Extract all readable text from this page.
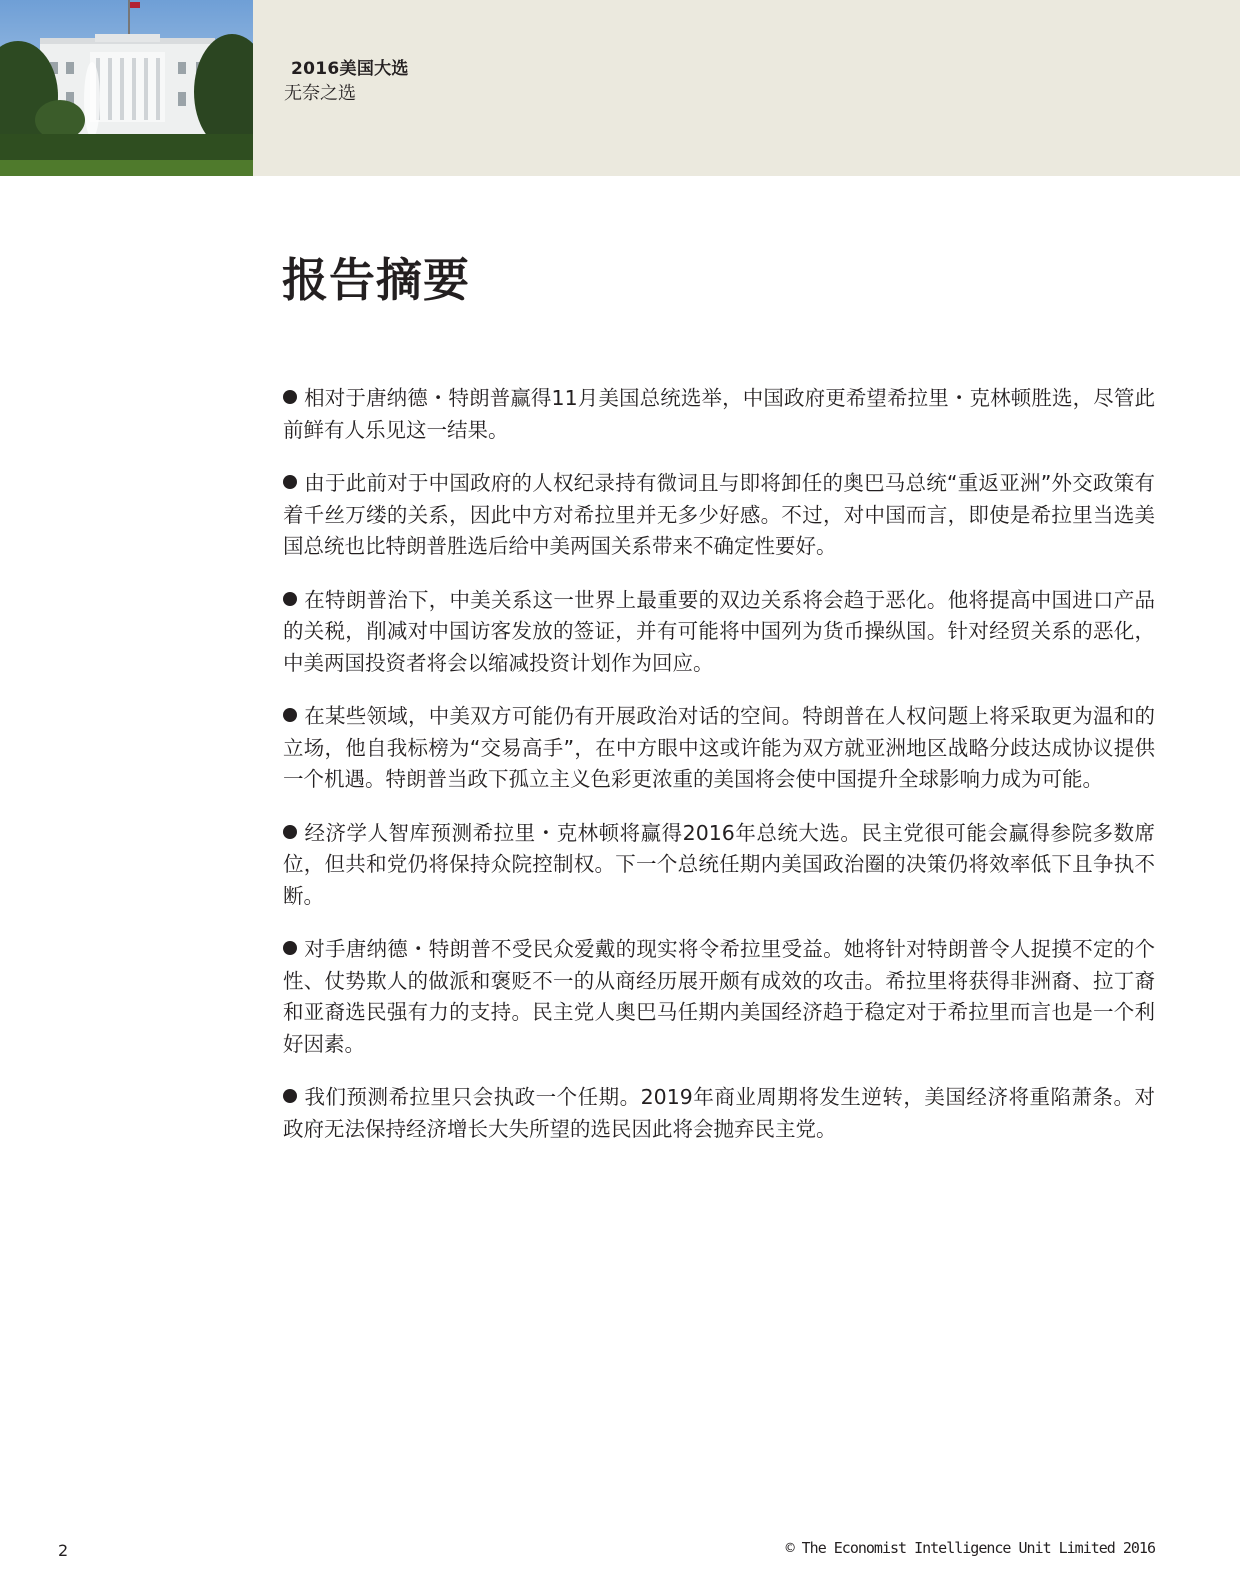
2016美国大选
无奈之选
报告摘要
相对于唐纳德・特朗普赢得11月美国总统选举，中国政府更希望希拉里・克林顿胜选，尽管此前鲜有人乐见这一结果。
由于此前对于中国政府的人权纪录持有微词且与即将卸任的奥巴马总统“重返亚洲”外交政策有着千丝万缕的关系，因此中方对希拉里并无多少好感。不过，对中国而言，即使是希拉里当选美国总统也比特朗普胜选后给中美两国关系带来不确定性要好。
在特朗普治下，中美关系这一世界上最重要的双边关系将会趋于恶化。他将提高中国进口产品的关税，削减对中国访客发放的签证，并有可能将中国列为货币操纵国。针对经贸关系的恶化，中美两国投资者将会以缩减投资计划作为回应。
在某些领域，中美双方可能仍有开展政治对话的空间。特朗普在人权问题上将采取更为温和的立场，他自我标榜为“交易高手”，在中方眼中这或许能为双方就亚洲地区战略分歧达成协议提供一个机遇。特朗普当政下孤立主义色彩更浓重的美国将会使中国提升全球影响力成为可能。
经济学人智库预测希拉里・克林顿将赢得2016年总统大选。民主党很可能会赢得参院多数席位，但共和党仍将保持众院控制权。下一个总统任期内美国政治圈的决策仍将效率低下且争执不断。
对手唐纳德・特朗普不受民众爱戴的现实将令希拉里受益。她将针对特朗普令人捉摸不定的个性、仗势欺人的做派和褒贬不一的从商经历展开颇有成效的攻击。希拉里将获得非洲裔、拉丁裔和亚裔选民强有力的支持。民主党人奥巴马任期内美国经济趋于稳定对于希拉里而言也是一个利好因素。
我们预测希拉里只会执政一个任期。2019年商业周期将发生逆转，美国经济将重陷萧条。对政府无法保持经济增长大失所望的选民因此将会抛弃民主党。
2	© The Economist Intelligence Unit Limited 2016
